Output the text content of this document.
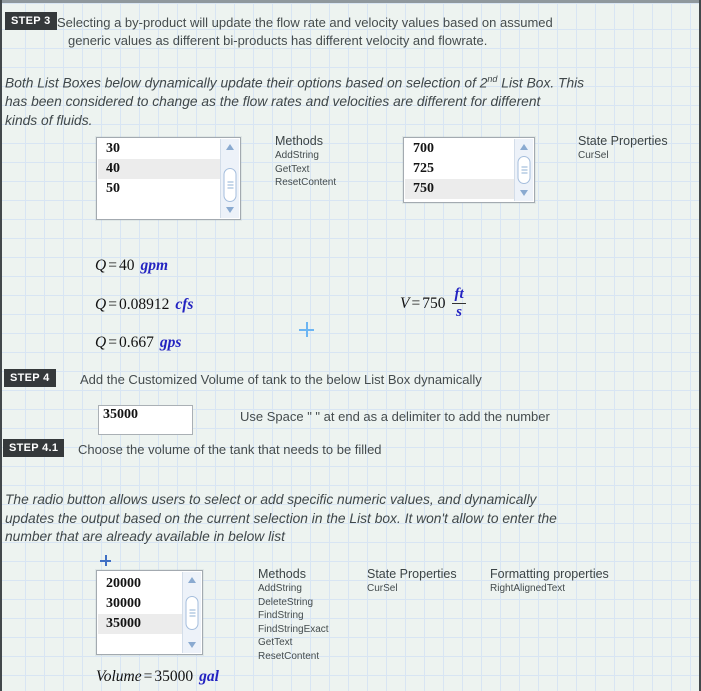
STEP 3 Selecting a by-product will update the flow rate and velocity values based on assumed
generic values as different bi-products has different velocity and flowrate.
Both List Boxes below dynamically update their options based on selection of 2nd List Box. This
has been considered to change as the flow rates and velocities are different for different
kinds of fluids.
30
40
50
Methods
AddString
GetText
ResetContent
700
725
750
State Properties
CurSel
Q = 40 gpm
Q = 0.08912 cfs
Q = 0.667 gps
$V = 750 \frac{ft}{s}$
STEP 4	Add the Customized Volume of tank to the below List Box dynamically
35000
Use Space " " at end as a delimiter to add the number
STEP 4.1	Choose the volume of the tank that needs to be filled
The radio button allows users to select or add specific numeric values, and dynamically
updates the output based on the current selection in the List box. It won't allow to enter the
number that are already available in below list
20000
30000
35000
Methods
AddString
DeleteString
FindString
FindStringExact
GetText
ResetContent
State Properties
CurSel
Formatting properties
RightAlignedText
Volume = 35000 gal
